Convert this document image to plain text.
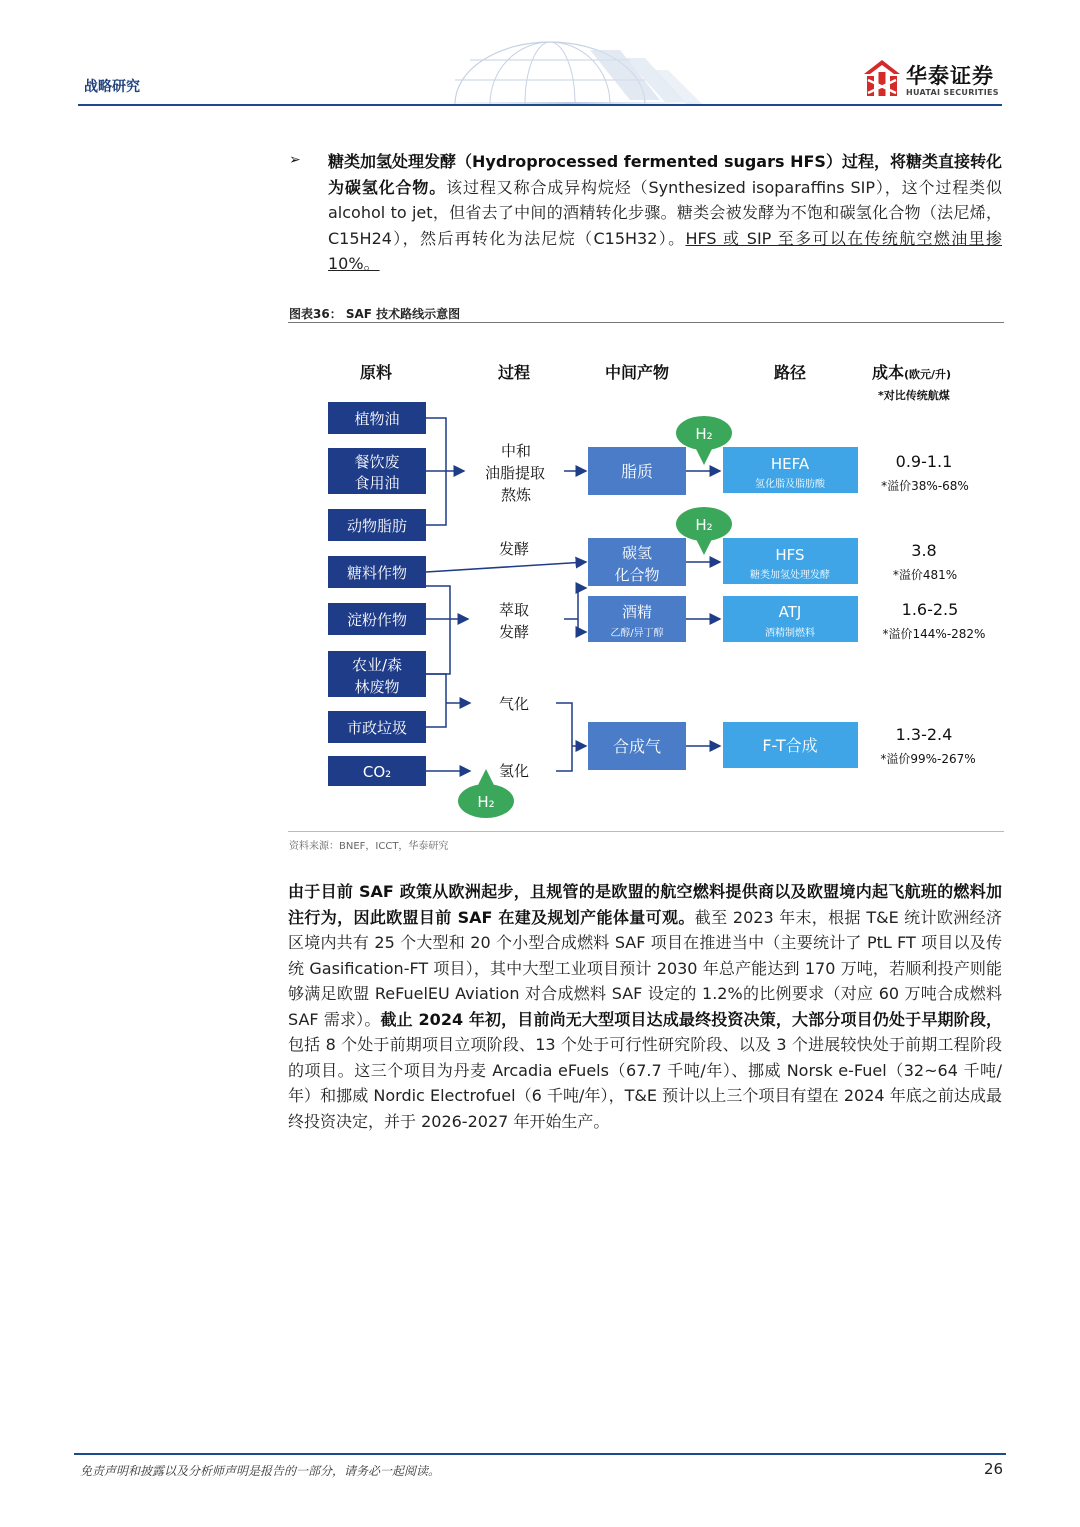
战略研究	华泰证券
HUATAI SECURITIES
➢ 糖类加氢处理发酵（Hydroprocessed fermented sugars HFS）过程，将糖类直接转化为碳氢化合物。该过程又称合成异构烷烃（Synthesized isoparaffins SIP），这个过程类似 alcohol to jet，但省去了中间的酒精转化步骤。糖类会被发酵为不饱和碳氢化合物（法尼烯，C15H24），然后再转化为法尼烷（C15H32）。HFS 或 SIP 至多可以在传统航空燃油里掺 10%。
图表36： SAF 技术路线示意图
原料	过程	中间产物	路径	成本(欧元/升)
*对比传统航煤
植物油
餐饮废
食用油
动物脂肪
糖料作物
淀粉作物
农业/森
林废物
市政垃圾
CO₂
中和
油脂提取
熬炼
发酵
萃取
发酵
气化
氢化
脂质
碳氢
化合物
酒精
乙醇/异丁醇
合成气
HEFA
氢化脂及脂肪酸
HFS
糖类加氢处理发酵
ATJ
酒精制燃料
F-T合成
H₂
H₂
H₂
0.9-1.1
*溢价38%-68%
3.8
*溢价481%
1.6-2.5
*溢价144%-282%
1.3-2.4
*溢价99%-267%
资料来源：BNEF，ICCT，华泰研究
由于目前 SAF 政策从欧洲起步，且规管的是欧盟的航空燃料提供商以及欧盟境内起飞航班的燃料加注行为，因此欧盟目前 SAF 在建及规划产能体量可观。截至 2023 年末，根据 T&E 统计欧洲经济区境内共有 25 个大型和 20 个小型合成燃料 SAF 项目在推进当中（主要统计了 PtL FT 项目以及传统 Gasification-FT 项目），其中大型工业项目预计 2030 年总产能达到 170 万吨，若顺利投产则能够满足欧盟 ReFuelEU Aviation 对合成燃料 SAF 设定的 1.2%的比例要求（对应 60 万吨合成燃料 SAF 需求）。截止 2024 年初，目前尚无大型项目达成最终投资决策，大部分项目仍处于早期阶段，包括 8 个处于前期项目立项阶段、13 个处于可行性研究阶段、以及 3 个进展较快处于前期工程阶段的项目。这三个项目为丹麦 Arcadia eFuels（67.7 千吨/年）、挪威 Norsk e-Fuel（32~64 千吨/年）和挪威 Nordic Electrofuel（6 千吨/年），T&E 预计以上三个项目有望在 2024 年底之前达成最终投资决定，并于 2026-2027 年开始生产。
免责声明和披露以及分析师声明是报告的一部分，请务必一起阅读。	26
